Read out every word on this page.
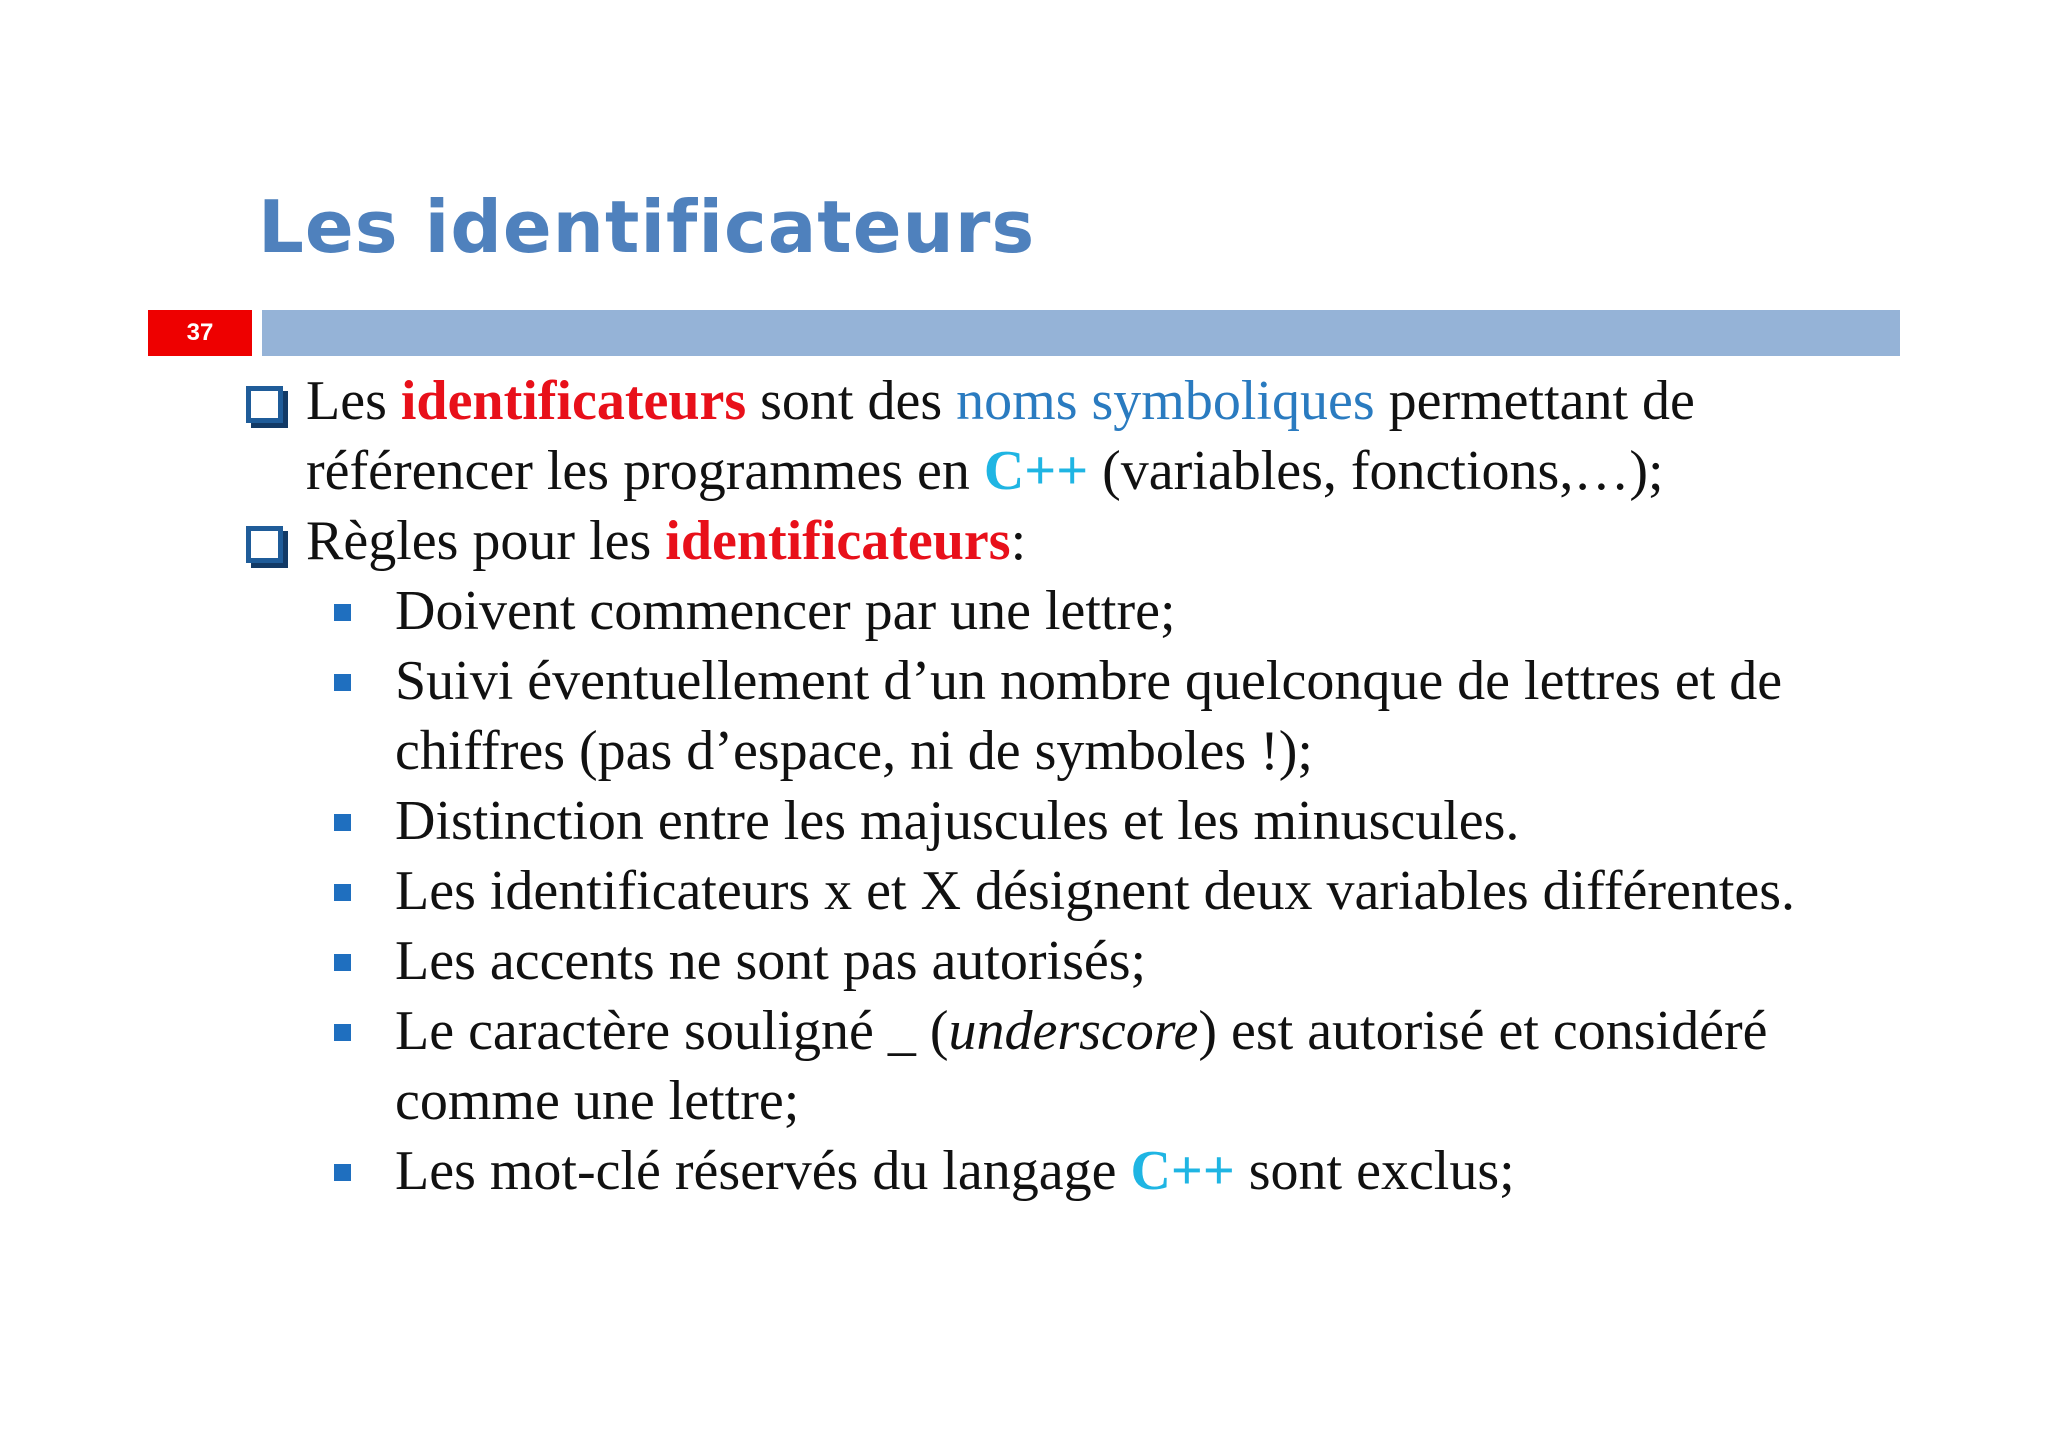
Les identificateurs
37
Les identificateurs sont des noms symboliques permettant de référencer les programmes en C++ (variables, fonctions,…);
Règles pour les identificateurs:
Doivent commencer par une lettre;
Suivi éventuellement d’un nombre quelconque de lettres et de chiffres (pas d’espace, ni de symboles !);
Distinction entre les majuscules et les minuscules.
Les identificateurs x et X désignent deux variables différentes.
Les accents ne sont pas autorisés;
Le caractère souligné _ (underscore) est autorisé et considéré comme une lettre;
Les mot-clé réservés du langage C++ sont exclus;
